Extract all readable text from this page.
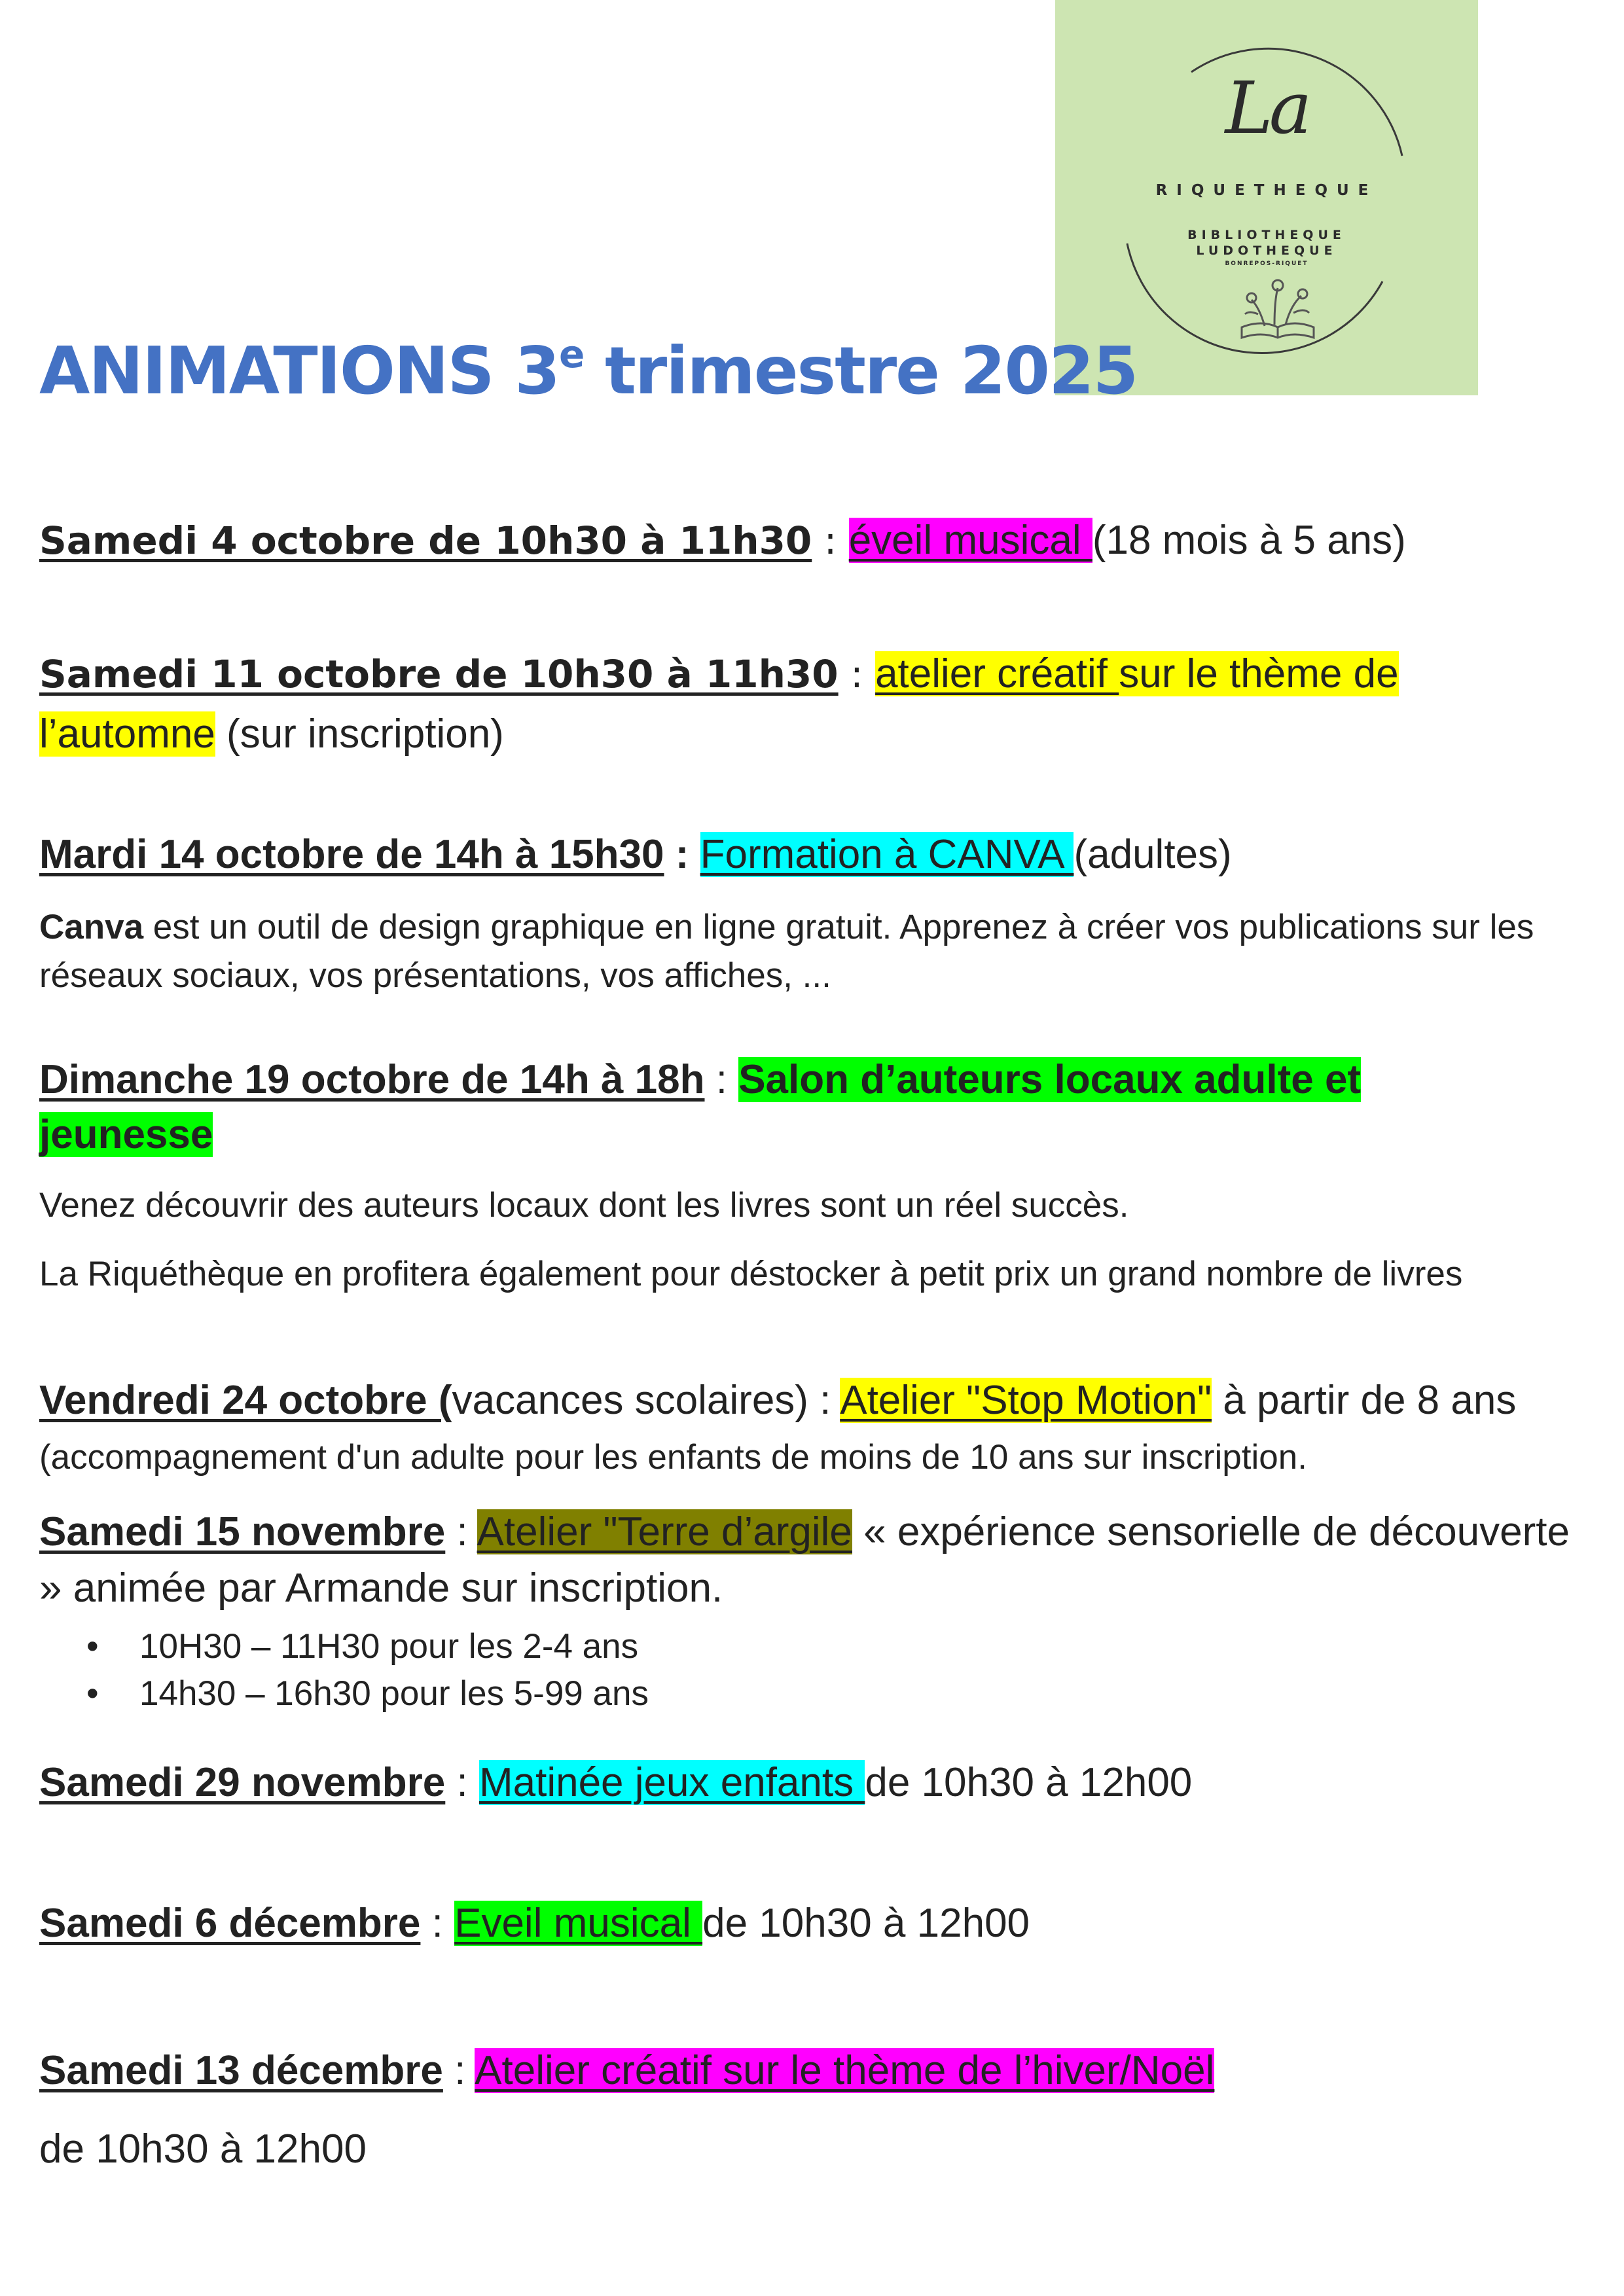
La
RIQUETHEQUE
BIBLIOTHEQUE
LUDOTHEQUE
BONREPOS-RIQUET
ANIMATIONS 3e trimestre 2025

Samedi 4 octobre de 10h30 à 11h30 : éveil musical (18 mois à 5 ans)

Samedi 11 octobre de 10h30 à 11h30 : atelier créatif sur le thème de
l’automne (sur inscription)

Mardi 14 octobre de 14h à 15h30 : Formation à CANVA (adultes)

Canva est un outil de design graphique en ligne gratuit. Apprenez à créer vos publications sur les réseaux sociaux, vos présentations, vos affiches, ...

Dimanche 19 octobre de 14h à 18h : Salon d’auteurs locaux adulte et
jeunesse

Venez découvrir des auteurs locaux dont les livres sont un réel succès.

La Riquéthèque en profitera également pour déstocker à petit prix un grand nombre de livres

Vendredi 24 octobre (vacances scolaires) : Atelier "Stop Motion" à partir de 8 ans (accompagnement d'un adulte pour les enfants de moins de 10 ans sur inscription.

Samedi 15 novembre : Atelier "Terre d’argile « expérience sensorielle de découverte » animée par Armande sur inscription.

• 10H30 – 11H30 pour les 2-4 ans
• 14h30 – 16h30 pour les 5-99 ans

Samedi 29 novembre : Matinée jeux enfants de 10h30 à 12h00

Samedi 6 décembre : Eveil musical de 10h30 à 12h00

Samedi 13 décembre : Atelier créatif sur le thème de l’hiver/Noël

de 10h30 à 12h00
